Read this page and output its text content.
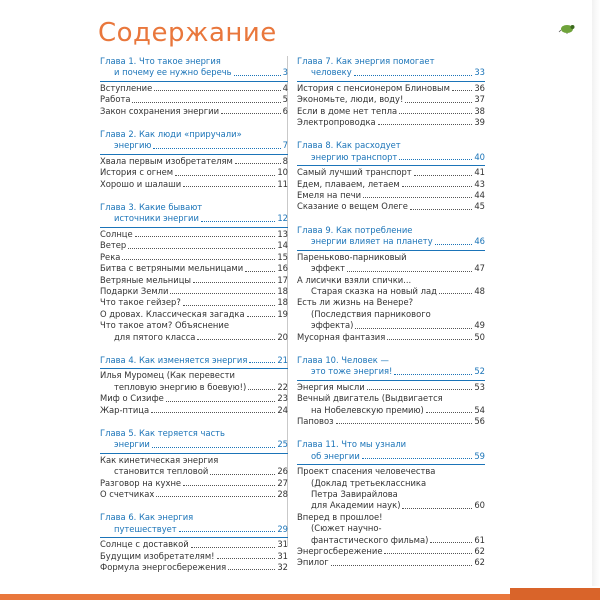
Содержание
Глава 1. Что такое энергия
и почему ее нужно беречь	3
Вступление	4
Работа	5
Закон сохранения энергии	6
Глава 2. Как люди «приручали»
энергию	7
Хвала первым изобретателям	8
История с огнем	10
Хорошо и шалаши	11
Глава 3. Какие бывают
источники энергии	12
Солнце	13
Ветер	14
Река	15
Битва с ветряными мельницами	16
Ветряные мельницы	17
Подарки Земли	18
Что такое гейзер?	18
О дровах. Классическая загадка	19
Что такое атом? Объяснение
для пятого класса	20
Глава 4. Как изменяется энергия	21
Илья Муромец (Как перевести
тепловую энергию в боевую!)	22
Миф о Сизифе	23
Жар-птица	24
Глава 5. Как теряется часть
энергии	25
Как кинетическая энергия
становится тепловой	26
Разговор на кухне	27
О счетчиках	28
Глава 6. Как энергия
путешествует	29
Солнце с доставкой	31
Будущим изобретателям!	31
Формула энергосбережения	32
Глава 7. Как энергия помогает
человеку	33
История с пенсионером Блиновым	36
Экономьте, люди, воду!	37
Если в доме нет тепла	38
Электропроводка	39
Глава 8. Как расходует
энергию транспорт	40
Самый лучший транспорт	41
Едем, плаваем, летаем	43
Емеля на печи	44
Сказание о вещем Олеге	45
Глава 9. Как потребление
энергии влияет на планету	46
Пареньково-парниковый
эффект	47
А лисички взяли спички...
Старая сказка на новый лад	48
Есть ли жизнь на Венере?
(Последствия парникового
эффекта)	49
Мусорная фантазия	50
Глава 10. Человек —
это тоже энергия!	52
Энергия мысли	53
Вечный двигатель (Выдвигается
на Нобелевскую премию)	54
Паповоз	56
Глава 11. Что мы узнали
об энергии	59
Проект спасения человечества
(Доклад третьеклассника
Петра Завирайлова
для Академии наук)	60
Вперед в прошлое!
(Сюжет научно-
фантастического фильма)	61
Энергосбережение	62
Эпилог	62
